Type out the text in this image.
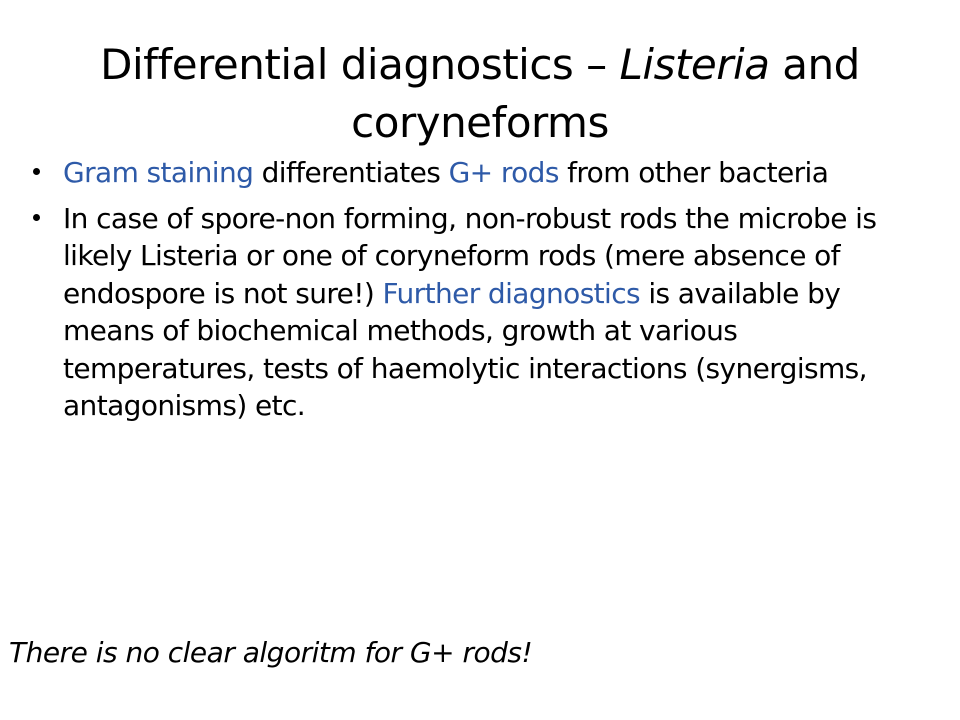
Differential diagnostics – Listeria and coryneforms
Gram staining differentiates G+ rods from other bacteria
In case of spore-non forming, non-robust rods the microbe is likely Listeria or one of coryneform rods (mere absence of endospore is not sure!) Further diagnostics is available by means of biochemical methods, growth at various temperatures, tests of haemolytic interactions (synergisms, antagonisms) etc.
There is no clear algoritm for G+ rods!
